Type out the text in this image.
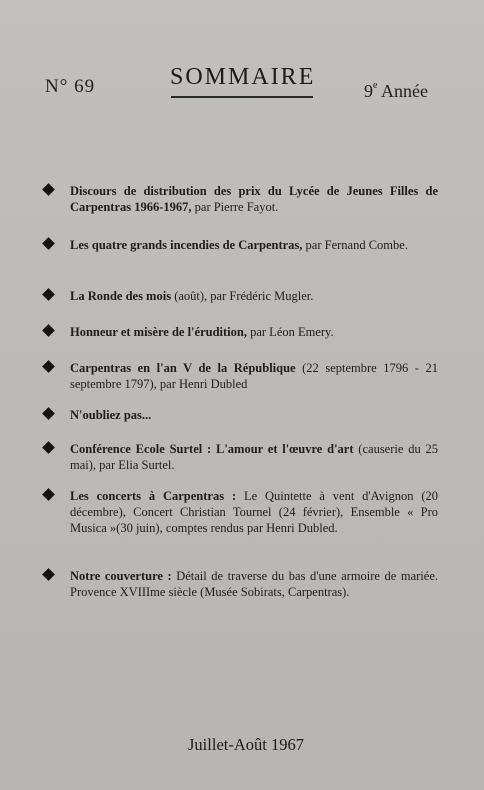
N° 69	SOMMAIRE
9e Année
Discours de distribution des prix du Lycée de Jeunes Filles de Carpentras 1966-1967, par Pierre Fayot.
Les quatre grands incendies de Carpentras, par Fernand Combe.
La Ronde des mois (août), par Frédéric Mugler.
Honneur et misère de l'érudition, par Léon Emery.
Carpentras en l'an V de la République (22 septembre 1796 - 21 septembre 1797), par Henri Dubled
N'oubliez pas...
Conférence Ecole Surtel : L'amour et l'œuvre d'art (causerie du 25 mai), par Elia Surtel.
Les concerts à Carpentras : Le Quintette à vent d'Avignon (20 décembre), Concert Christian Tournel (24 février), Ensemble « Pro Musica »(30 juin), comptes rendus par Henri Dubled.
Notre couverture : Détail de traverse du bas d'une armoire de mariée. Provence XVIIIme siècle (Musée Sobirats, Carpentras).
Juillet-Août 1967
